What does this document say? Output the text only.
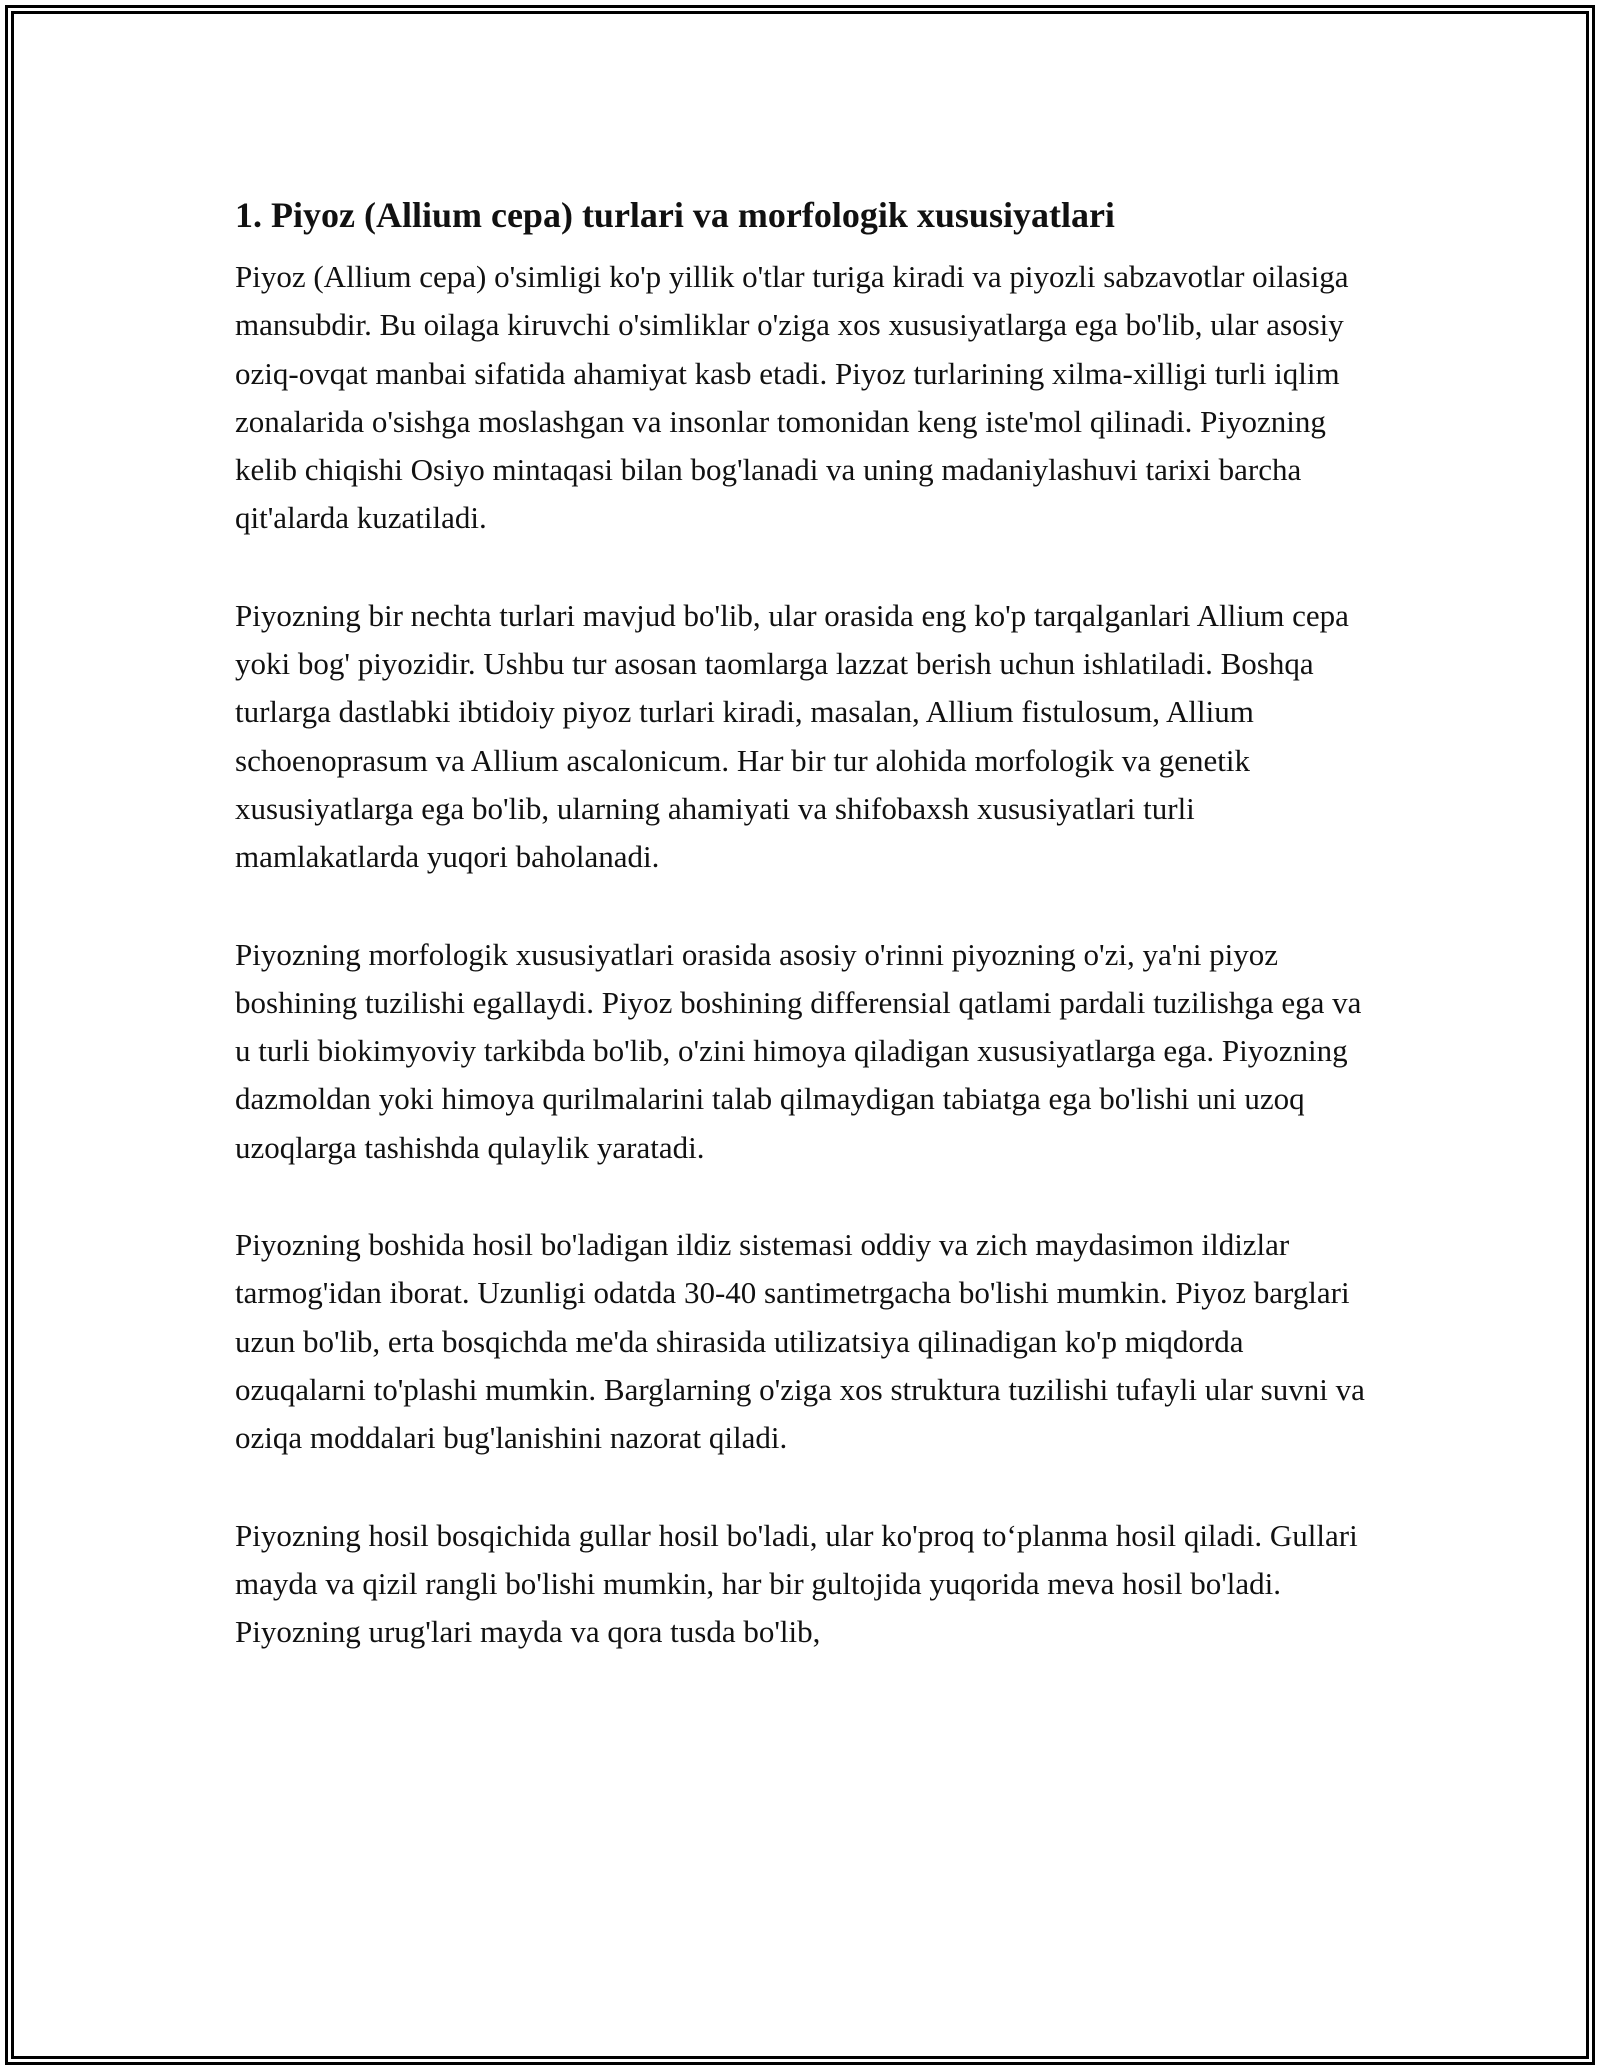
1. Piyoz (Allium cepa) turlari va morfologik xususiyatlari

Piyoz (Allium cepa) o'simligi ko'p yillik o'tlar turiga kiradi va piyozli sabzavotlar oilasiga mansubdir. Bu oilaga kiruvchi o'simliklar o'ziga xos xususiyatlarga ega bo'lib, ular asosiy oziq-ovqat manbai sifatida ahamiyat kasb etadi. Piyoz turlarining xilma-xilligi turli iqlim zonalarida o'sishga moslashgan va insonlar tomonidan keng iste'mol qilinadi. Piyozning kelib chiqishi Osiyo mintaqasi bilan bog'lanadi va uning madaniylashuvi tarixi barcha qit'alarda kuzatiladi.

Piyozning bir nechta turlari mavjud bo'lib, ular orasida eng ko'p tarqalganlari Allium cepa yoki bog' piyozidir. Ushbu tur asosan taomlarga lazzat berish uchun ishlatiladi. Boshqa turlarga dastlabki ibtidoiy piyoz turlari kiradi, masalan, Allium fistulosum, Allium schoenoprasum va Allium ascalonicum. Har bir tur alohida morfologik va genetik xususiyatlarga ega bo'lib, ularning ahamiyati va shifobaxsh xususiyatlari turli mamlakatlarda yuqori baholanadi.

Piyozning morfologik xususiyatlari orasida asosiy o'rinni piyozning o'zi, ya'ni piyoz boshining tuzilishi egallaydi. Piyoz boshining differensial qatlami pardali tuzilishga ega va u turli biokimyoviy tarkibda bo'lib, o'zini himoya qiladigan xususiyatlarga ega. Piyozning dazmoldan yoki himoya qurilmalarini talab qilmaydigan tabiatga ega bo'lishi uni uzoq uzoqlarga tashishda qulaylik yaratadi.

Piyozning boshida hosil bo'ladigan ildiz sistemasi oddiy va zich maydasimon ildizlar tarmog'idan iborat. Uzunligi odatda 30-40 santimetrgacha bo'lishi mumkin. Piyoz barglari uzun bo'lib, erta bosqichda me'da shirasida utilizatsiya qilinadigan ko'p miqdorda ozuqalarni to'plashi mumkin. Barglarning o'ziga xos struktura tuzilishi tufayli ular suvni va oziqa moddalari bug'lanishini nazorat qiladi.

Piyozning hosil bosqichida gullar hosil bo'ladi, ular ko'proq to‘planma hosil qiladi. Gullari mayda va qizil rangli bo'lishi mumkin, har bir gultojida yuqorida meva hosil bo'ladi. Piyozning urug'lari mayda va qora tusda bo'lib,
